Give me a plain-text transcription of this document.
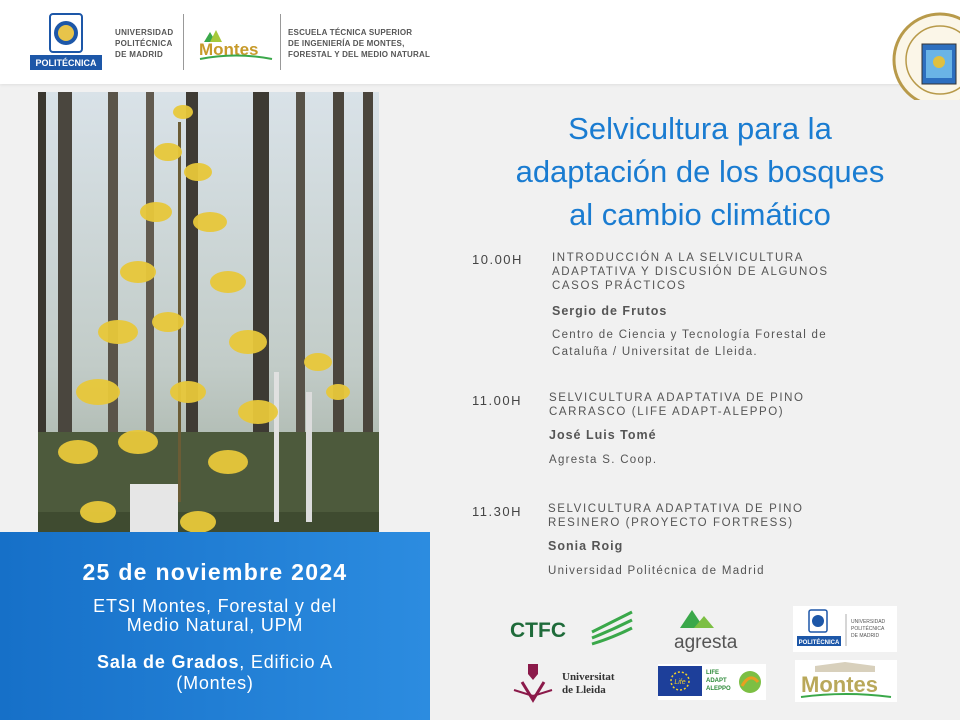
POLITÉCNICA
UNIVERSIDAD
POLITÉCNICA
DE MADRID	Montes
ESCUELA TÉCNICA SUPERIOR
DE INGENIERÍA DE MONTES,
FORESTAL Y DEL MEDIO NATURAL
25 de noviembre 2024
ETSI Montes, Forestal y del
Medio Natural, UPM
Sala de Grados, Edificio A
(Montes)
Selvicultura para la
adaptación de los bosques
al cambio climático
10.00H	INTRODUCCIÓN A LA SELVICULTURA
ADAPTATIVA Y DISCUSIÓN DE ALGUNOS
CASOS PRÁCTICOS
Sergio de Frutos
Centro de Ciencia y Tecnología Forestal de
Cataluña / Universitat de Lleida.
11.00H SELVICULTURA ADAPTATIVA DE PINO
CARRASCO (LIFE ADAPT-ALEPPO)
José Luis Tomé
Agresta S. Coop.
11.30H SELVICULTURA ADAPTATIVA DE PINO
RESINERO (PROYECTO FORTRESS)
Sonia Roig
Universidad Politécnica de Madrid
CTFC
agresta	POLITÉCNICA
UNIVERSIDAD
POLITÉCNICA
DE MADRID
Universitat
de Lleida
Life
LIFE
ADAPT
ALEPPO	Montes
